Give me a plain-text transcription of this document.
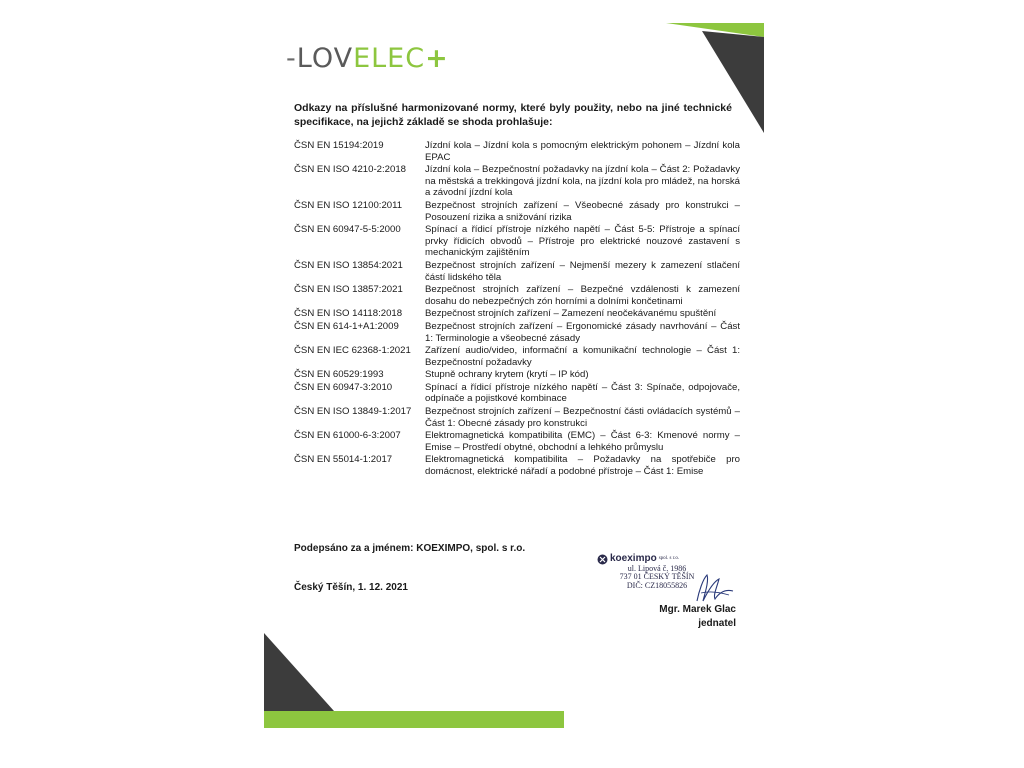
-LOVELEC+
Odkazy na příslušné harmonizované normy, které byly použity, nebo na jiné technické specifikace, na jejichž základě se shoda prohlašuje:
ČSN EN 15194:2019	Jízdní kola – Jízdní kola s pomocným elektrickým pohonem – Jízdní kola EPAC
ČSN EN ISO 4210-2:2018	Jízdní kola – Bezpečnostní požadavky na jízdní kola – Část 2: Požadavky na městská a trekkingová jízdní kola, na jízdní kola pro mládež, na horská a závodní jízdní kola
ČSN EN ISO 12100:2011	Bezpečnost strojních zařízení – Všeobecné zásady pro konstrukci – Posouzení rizika a snižování rizika
ČSN EN 60947-5-5:2000	Spínací a řídicí přístroje nízkého napětí – Část 5-5: Přístroje a spínací prvky řídicích obvodů – Přístroje pro elektrické nouzové zastavení s mechanickým zajištěním
ČSN EN ISO 13854:2021	Bezpečnost strojních zařízení – Nejmenší mezery k zamezení stlačení částí lidského těla
ČSN EN ISO 13857:2021	Bezpečnost strojních zařízení – Bezpečné vzdálenosti k zamezení dosahu do nebezpečných zón horními a dolními končetinami
ČSN EN ISO 14118:2018	Bezpečnost strojních zařízení – Zamezení neočekávanému spuštění
ČSN EN 614-1+A1:2009	Bezpečnost strojních zařízení – Ergonomické zásady navrhování – Část 1: Terminologie a všeobecné zásady
ČSN EN IEC 62368-1:2021	Zařízení audio/video, informační a komunikační technologie – Část 1: Bezpečnostní požadavky
ČSN EN 60529:1993	Stupně ochrany krytem (krytí – IP kód)
ČSN EN 60947-3:2010	Spínací a řídicí přístroje nízkého napětí – Část 3: Spínače, odpojovače, odpínače a pojistkové kombinace
ČSN EN ISO 13849-1:2017	Bezpečnost strojních zařízení – Bezpečnostní části ovládacích systémů – Část 1: Obecné zásady pro konstrukci
ČSN EN 61000-6-3:2007	Elektromagnetická kompatibilita (EMC) – Část 6-3: Kmenové normy – Emise – Prostředí obytné, obchodní a lehkého průmyslu
ČSN EN 55014-1:2017	Elektromagnetická kompatibilita – Požadavky na spotřebiče pro domácnost, elektrické nářadí a podobné přístroje – Část 1: Emise
Podepsáno za a jménem: KOEXIMPO, spol. s r.o.
Český Těšín, 1. 12. 2021
koeximpo spol. s r.o.
ul. Lipová č. 1986
737 01 ČESKÝ TĚŠÍN
DIČ: CZ18055826
Mgr. Marek Glac
jednatel
